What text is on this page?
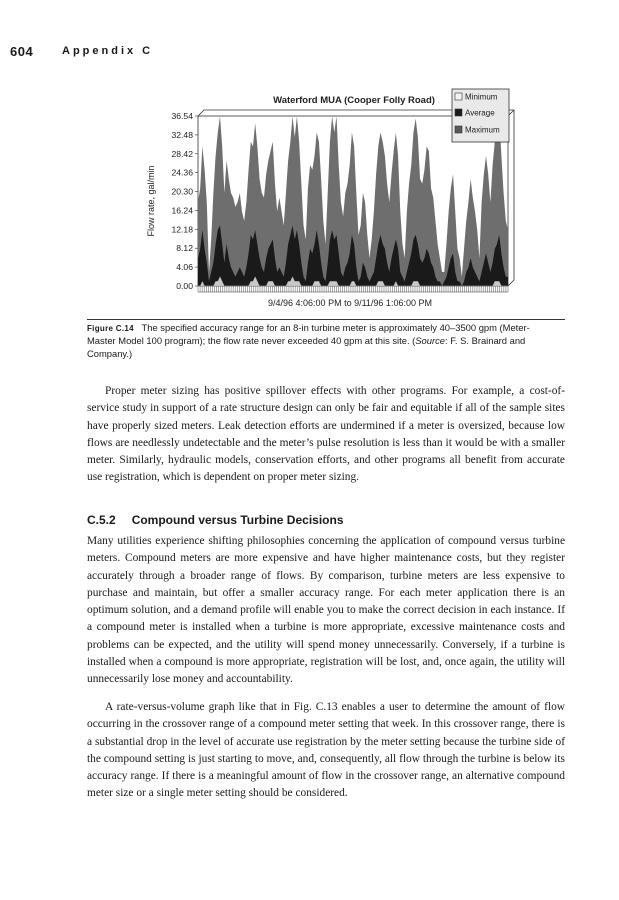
604	Appendix C
36.54
32.48
28.42
24.36
20.30
16.24
12.18
8.12
4.06
0.00
Waterford MUA (Cooper Folly Road)
Flow rate, gal/min
9/4/96 4:06:00 PM to 9/11/96 1:06:00 PM
Minimum
Average
Maximum
Figure C.14 The specified accuracy range for an 8-in turbine meter is approximately 40–3500 gpm (Meter-Master Model 100 program); the flow rate never exceeded 40 gpm at this site. (Source: F. S. Brainard and Company.)

Proper meter sizing has positive spillover effects with other programs. For example, a cost-of-service study in support of a rate structure design can only be fair and equitable if all of the sample sites have properly sized meters. Leak detection efforts are undermined if a meter is oversized, because low flows are needlessly undetectable and the meter’s pulse resolution is less than it would be with a smaller meter. Similarly, hydraulic models, conservation efforts, and other programs all benefit from accurate use registration, which is dependent on proper meter sizing.

C.5.2 Compound versus Turbine Decisions

Many utilities experience shifting philosophies concerning the application of compound versus turbine meters. Compound meters are more expensive and have higher maintenance costs, but they register accurately through a broader range of flows. By comparison, turbine meters are less expensive to purchase and maintain, but offer a smaller accuracy range. For each meter application there is an optimum solution, and a demand profile will enable you to make the correct decision in each instance. If a compound meter is installed when a turbine is more appropriate, excessive maintenance costs and problems can be expected, and the utility will spend money unnecessarily. Conversely, if a turbine is installed when a compound is more appropriate, registration will be lost, and, once again, the utility will unnecessarily lose money and accountability.

A rate-versus-volume graph like that in Fig. C.13 enables a user to determine the amount of flow occurring in the crossover range of a compound meter setting that week. In this crossover range, there is a substantial drop in the level of accurate use registration by the meter setting because the turbine side of the compound setting is just starting to move, and, consequently, all flow through the turbine is below its accuracy range. If there is a meaningful amount of flow in the crossover range, an alternative compound meter size or a single meter setting should be considered.
